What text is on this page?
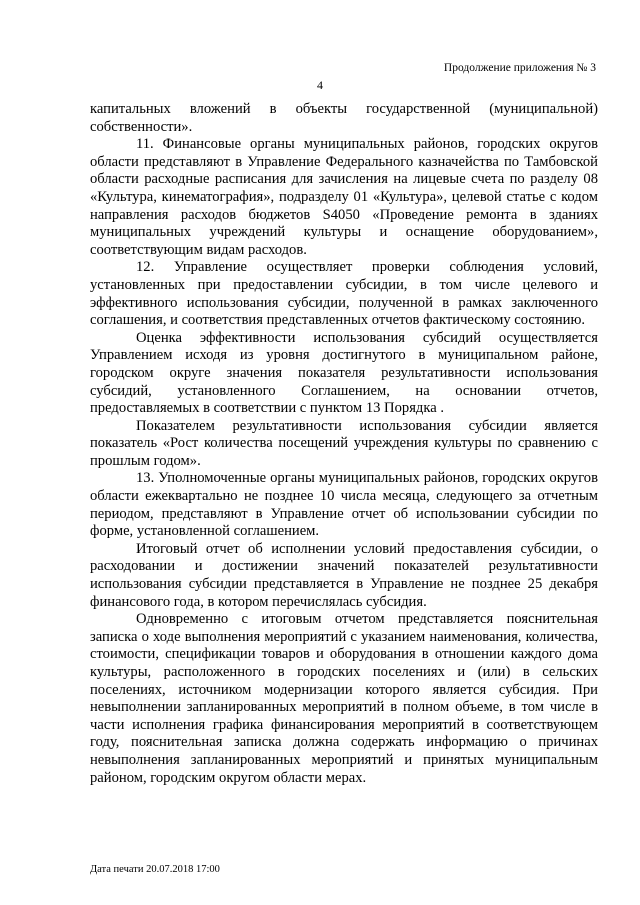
Продолжение приложения № 3
4

капитальных вложений в объекты государственной (муниципальной) собственности».

11. Финансовые органы муниципальных районов, городских округов области представляют в Управление Федерального казначейства по Тамбовской области расходные расписания для зачисления на лицевые счета по разделу 08 «Культура, кинематография», подразделу 01 «Культура», целевой статье с кодом направления расходов бюджетов S4050 «Проведение ремонта в зданиях муниципальных учреждений культуры и оснащение оборудованием», соответствующим видам расходов.

12. Управление осуществляет проверки соблюдения условий, установленных при предоставлении субсидии, в том числе целевого и эффективного использования субсидии, полученной в рамках заключенного соглашения, и соответствия представленных отчетов фактическому состоянию.

Оценка эффективности использования субсидий осуществляется Управлением исходя из уровня достигнутого в муниципальном районе, городском округе значения показателя результативности использования субсидий, установленного Соглашением, на основании отчетов, предоставляемых в соответствии с пунктом 13 Порядка .

Показателем результативности использования субсидии является показатель «Рост количества посещений учреждения культуры по сравнению с прошлым годом».

13. Уполномоченные органы муниципальных районов, городских округов области ежеквартально не позднее 10 числа месяца, следующего за отчетным периодом, представляют в Управление отчет об использовании субсидии по форме, установленной соглашением.

Итоговый отчет об исполнении условий предоставления субсидии, о расходовании и достижении значений показателей результативности использования субсидии представляется в Управление не позднее 25 декабря финансового года, в котором перечислялась субсидия.

Одновременно с итоговым отчетом представляется пояснительная записка о ходе выполнения мероприятий с указанием наименования, количества, стоимости, спецификации товаров и оборудования в отношении каждого дома культуры, расположенного в городских поселениях и (или) в сельских поселениях, источником модернизации которого является субсидия. При невыполнении запланированных мероприятий в полном объеме, в том числе в части исполнения графика финансирования мероприятий в соответствующем году, пояснительная записка должна содержать информацию о причинах невыполнения запланированных мероприятий и принятых муниципальным районом, городским округом области мерах.

Дата печати 20.07.2018 17:00
